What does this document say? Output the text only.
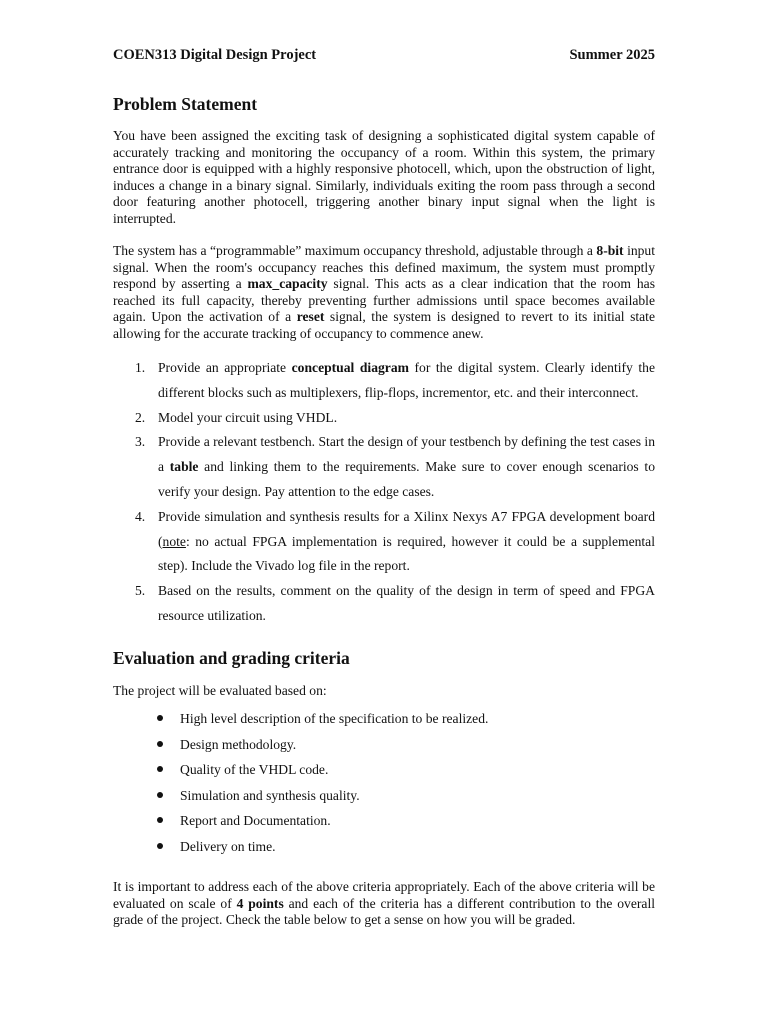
COEN313 Digital Design Project	Summer 2025
Problem Statement

You have been assigned the exciting task of designing a sophisticated digital system capable of accurately tracking and monitoring the occupancy of a room. Within this system, the primary entrance door is equipped with a highly responsive photocell, which, upon the obstruction of light, induces a change in a binary signal. Similarly, individuals exiting the room pass through a second door featuring another photocell, triggering another binary input signal when the light is interrupted.

The system has a “programmable” maximum occupancy threshold, adjustable through a 8-bit input signal. When the room's occupancy reaches this defined maximum, the system must promptly respond by asserting a max_capacity signal. This acts as a clear indication that the room has reached its full capacity, thereby preventing further admissions until space becomes available again. Upon the activation of a reset signal, the system is designed to revert to its initial state allowing for the accurate tracking of occupancy to commence anew.

1. Provide an appropriate conceptual diagram for the digital system. Clearly identify the different blocks such as multiplexers, flip-flops, incrementor, etc. and their interconnect.
2. Model your circuit using VHDL.
3. Provide a relevant testbench. Start the design of your testbench by defining the test cases in a table and linking them to the requirements. Make sure to cover enough scenarios to verify your design. Pay attention to the edge cases.
4. Provide simulation and synthesis results for a Xilinx Nexys A7 FPGA development board (note: no actual FPGA implementation is required, however it could be a supplemental step). Include the Vivado log file in the report.
5. Based on the results, comment on the quality of the design in term of speed and FPGA resource utilization.
Evaluation and grading criteria

The project will be evaluated based on:

High level description of the specification to be realized.
Design methodology.
Quality of the VHDL code.
Simulation and synthesis quality.
Report and Documentation.
Delivery on time.

It is important to address each of the above criteria appropriately. Each of the above criteria will be evaluated on scale of 4 points and each of the criteria has a different contribution to the overall grade of the project. Check the table below to get a sense on how you will be graded.
